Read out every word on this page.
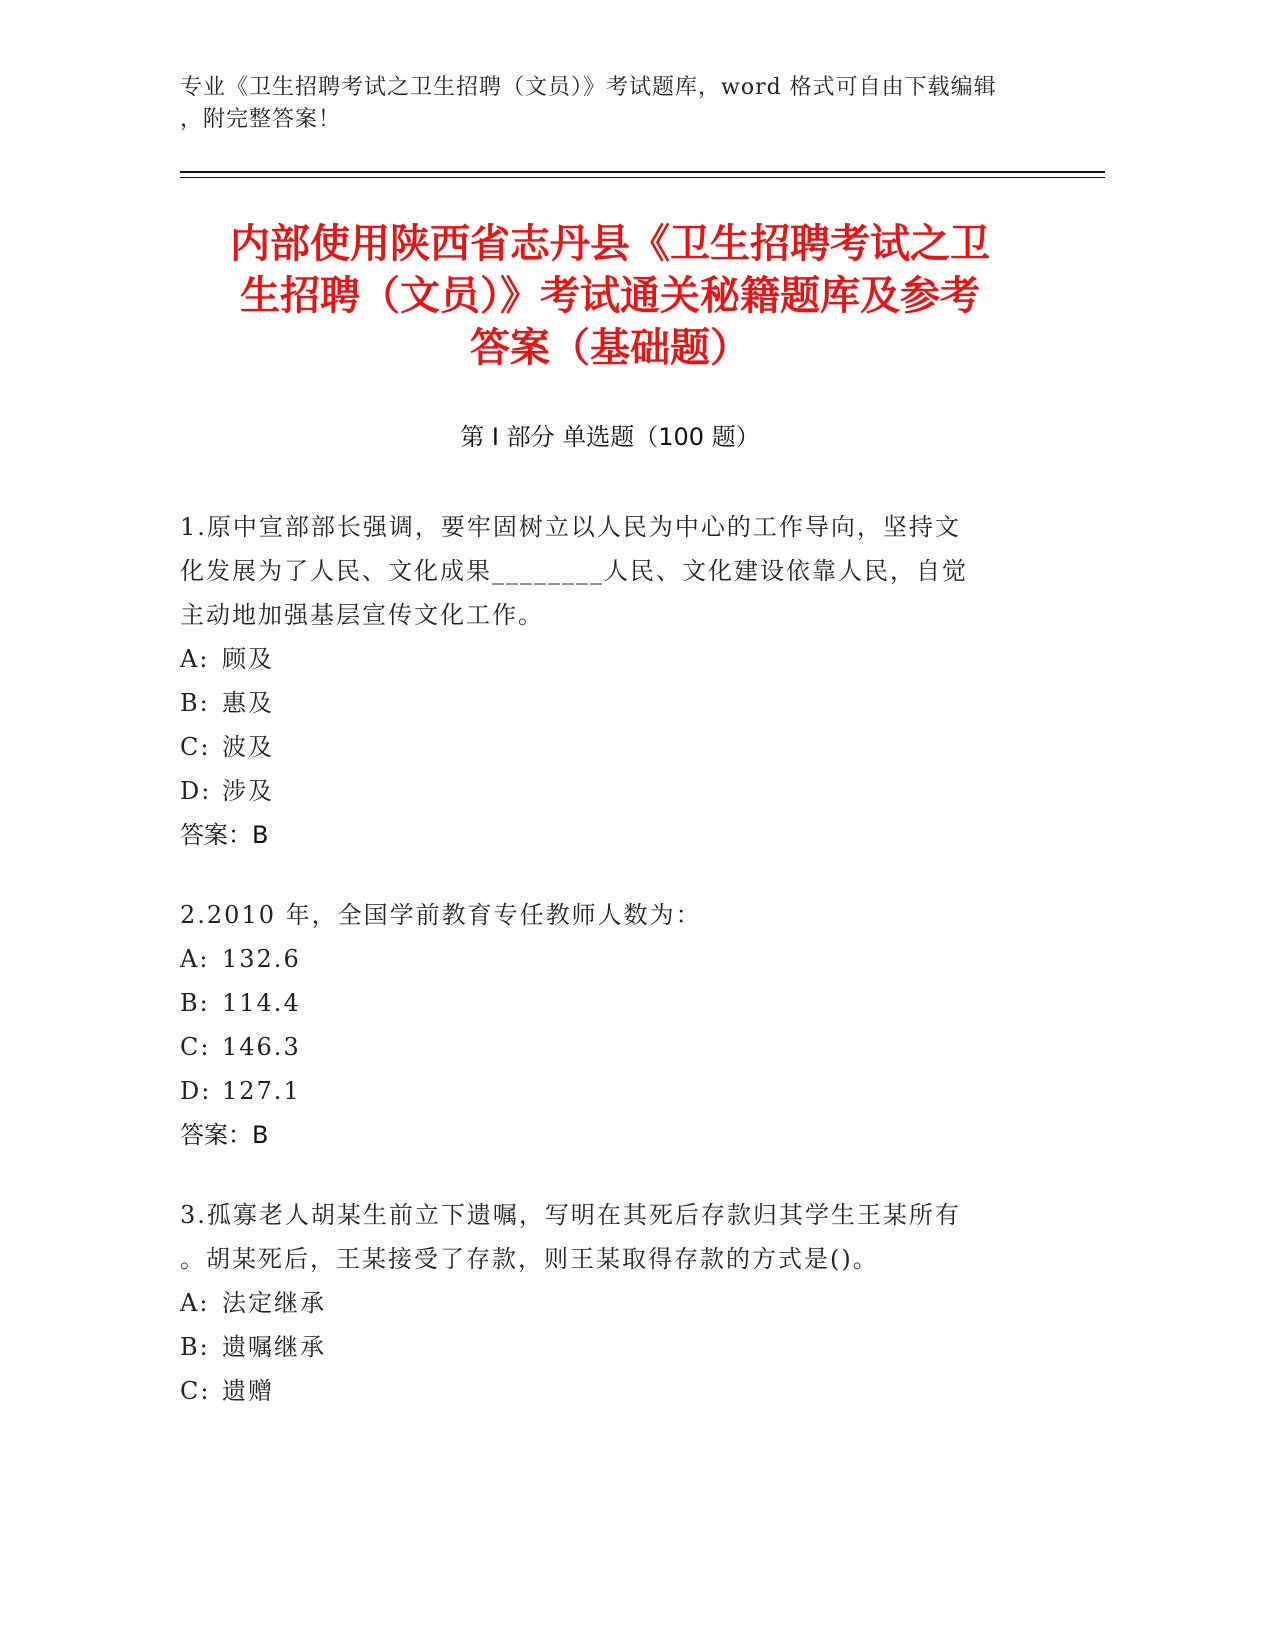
专业《卫生招聘考试之卫生招聘（文员）》考试题库，word 格式可自由下载编辑
，附完整答案！
内部使用陕西省志丹县《卫生招聘考试之卫
生招聘（文员）》考试通关秘籍题库及参考
答案（基础题）
第 I 部分 单选题（100 题）
1.原中宣部部长强调，要牢固树立以人民为中心的工作导向，坚持文
化发展为了人民、文化成果________人民、文化建设依靠人民，自觉
主动地加强基层宣传文化工作。
A: 顾及
B: 惠及
C: 波及
D: 涉及
答案：B
2.2010 年，全国学前教育专任教师人数为：
A: 132.6
B: 114.4
C: 146.3
D: 127.1
答案：B
3.孤寡老人胡某生前立下遗嘱，写明在其死后存款归其学生王某所有
。胡某死后，王某接受了存款，则王某取得存款的方式是()。
A: 法定继承
B: 遗嘱继承
C: 遗赠
